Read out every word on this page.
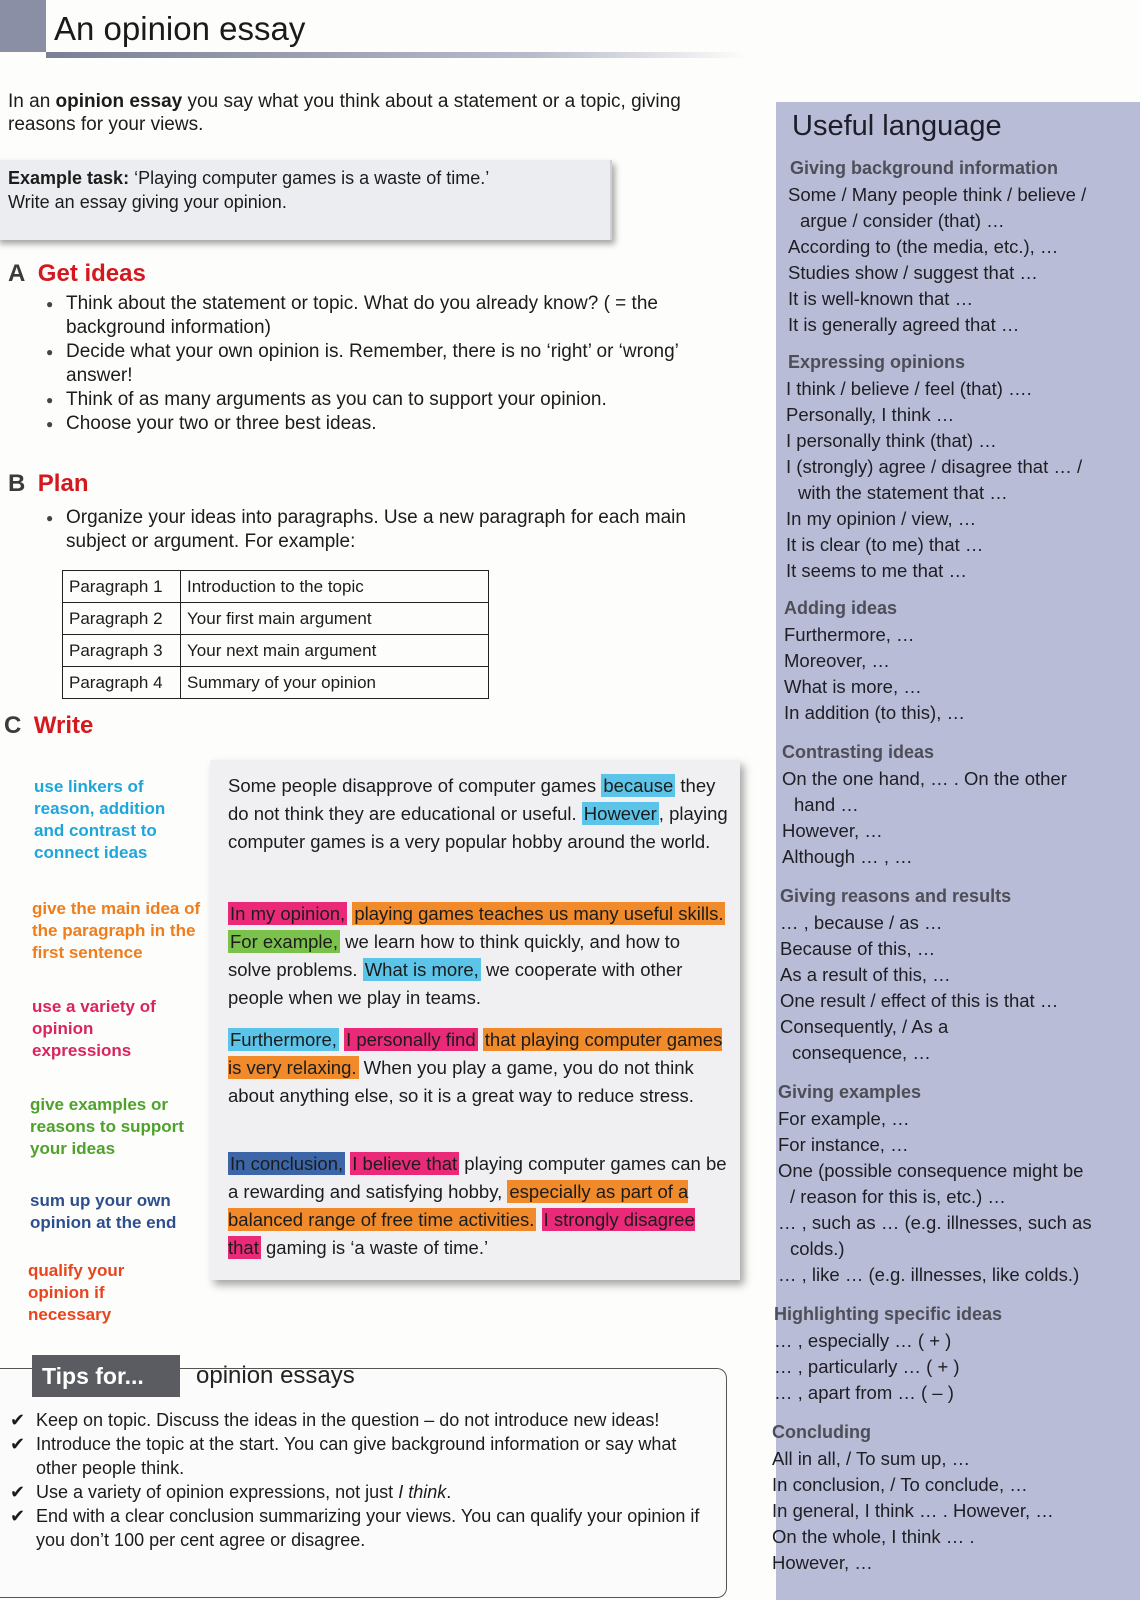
An opinion essay
In an opinion essay you say what you think about a statement or a topic, giving reasons for your views.
Example task: ‘Playing computer games is a waste of time.’
Write an essay giving your opinion.
A Get ideas
● Think about the statement or topic. What do you already know? ( = the background information)
● Decide what your own opinion is. Remember, there is no ‘right’ or ‘wrong’ answer!
● Think of as many arguments as you can to support your opinion.
● Choose your two or three best ideas.
B Plan
● Organize your ideas into paragraphs. Use a new paragraph for each main subject or argument. For example:
Paragraph 1	Introduction to the topic
Paragraph 2	Your first main argument
Paragraph 3	Your next main argument
Paragraph 4	Summary of your opinion
C Write
use linkers of reason, addition and contrast to connect ideas
give the main idea of the paragraph in the first sentence
use a variety of opinion expressions
give examples or reasons to support your ideas
sum up your own opinion at the end
qualify your opinion if necessary
Some people disapprove of computer games because they do not think they are educational or useful. However , playing computer games is a very popular hobby around the world.
In my opinion, playing games teaches us many useful skills. For example, we learn how to think quickly, and how to solve problems. What is more, we cooperate with other people when we play in teams.
Furthermore, I personally find that playing computer games is very relaxing. When you play a game, you do not think about anything else, so it is a great way to reduce stress.
In conclusion, I believe that playing computer games can be a rewarding and satisfying hobby, especially as part of a balanced range of free time activities. I strongly disagree that gaming is ‘a waste of time.’
Tips for...	opinion essays
✔ Keep on topic. Discuss the ideas in the question – do not introduce new ideas!
✔ Introduce the topic at the start. You can give background information or say what other people think.
✔ Use a variety of opinion expressions, not just I think.
✔ End with a clear conclusion summarizing your views. You can qualify your opinion if you don’t 100 per cent agree or disagree.
Useful language
Giving background information
Some / Many people think / believe /
argue / consider (that) …
According to (the media, etc.), …
Studies show / suggest that …
It is well-known that …
It is generally agreed that …
Expressing opinions
I think / believe / feel (that) ….
Personally, I think …
I personally think (that) …
I (strongly) agree / disagree that … /
with the statement that …
In my opinion / view, …
It is clear (to me) that …
It seems to me that …
Adding ideas
Furthermore, …
Moreover, …
What is more, …
In addition (to this), …
Contrasting ideas
On the one hand, … . On the other
hand …
However, …
Although … , …
Giving reasons and results
… , because / as …
Because of this, …
As a result of this, …
One result / effect of this is that …
Consequently, / As a
consequence, …
Giving examples
For example, …
For instance, …
One (possible consequence might be
/ reason for this is, etc.) …
… , such as … (e.g. illnesses, such as
colds.)
… , like … (e.g. illnesses, like colds.)
Highlighting specific ideas
… , especially … ( + )
… , particularly … ( + )
… , apart from … ( – )
Concluding
All in all, / To sum up, …
In conclusion, / To conclude, …
In general, I think … . However, …
On the whole, I think … .
However, …
